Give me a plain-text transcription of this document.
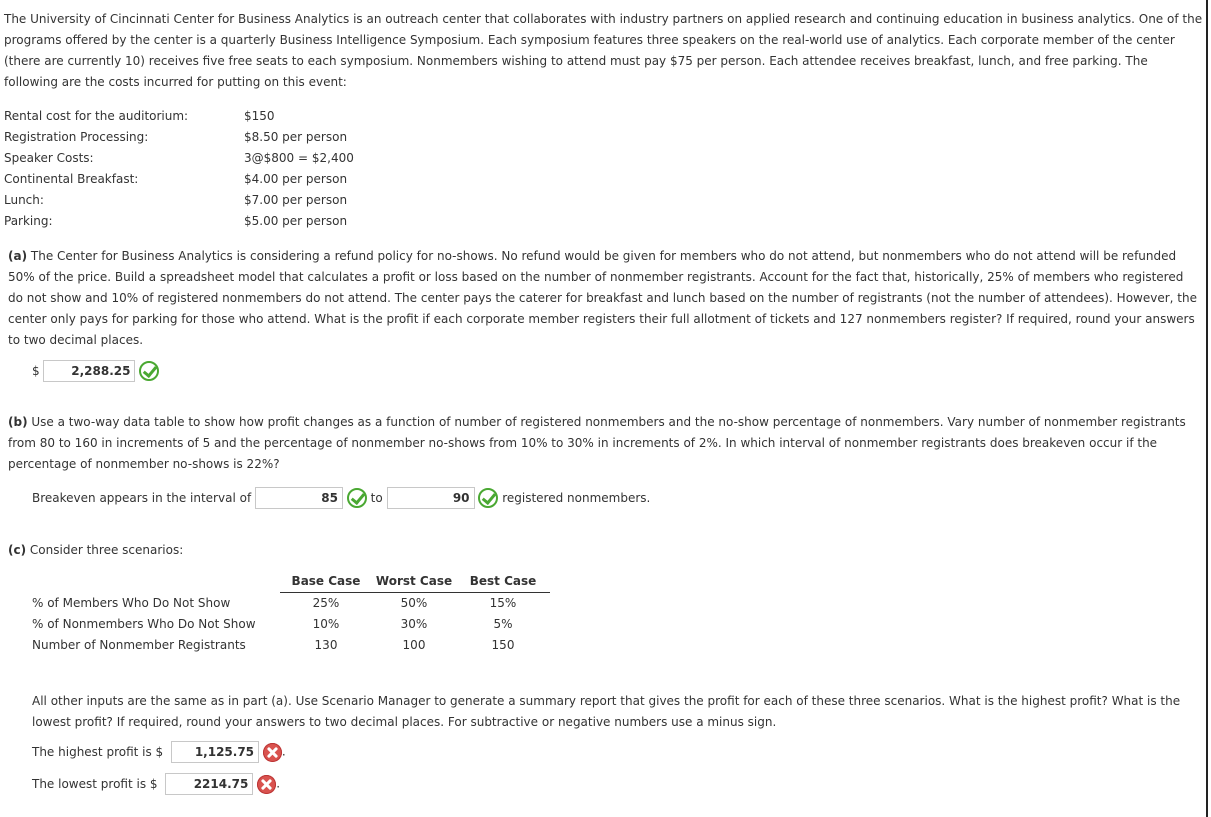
The University of Cincinnati Center for Business Analytics is an outreach center that collaborates with industry partners on applied research and continuing education in business analytics. One of the programs offered by the center is a quarterly Business Intelligence Symposium. Each symposium features three speakers on the real-world use of analytics. Each corporate member of the center (there are currently 10) receives five free seats to each symposium. Nonmembers wishing to attend must pay $75 per person. Each attendee receives breakfast, lunch, and free parking. The following are the costs incurred for putting on this event:

Rental cost for the auditorium:	$150
Registration Processing:	$8.50 per person
Speaker Costs:	3@$800 = $2,400
Continental Breakfast:	$4.00 per person
Lunch:	$7.00 per person
Parking:	$5.00 per person

(a) The Center for Business Analytics is considering a refund policy for no-shows. No refund would be given for members who do not attend, but nonmembers who do not attend will be refunded 50% of the price. Build a spreadsheet model that calculates a profit or loss based on the number of nonmember registrants. Account for the fact that, historically, 25% of members who registered do not show and 10% of registered nonmembers do not attend. The center pays the caterer for breakfast and lunch based on the number of registrants (not the number of attendees). However, the center only pays for parking for those who attend. What is the profit if each corporate member registers their full allotment of tickets and 127 nonmembers register? If required, round your answers to two decimal places.

$	2,288.25

(b) Use a two-way data table to show how profit changes as a function of number of registered nonmembers and the no-show percentage of nonmembers. Vary number of nonmember registrants from 80 to 160 in increments of 5 and the percentage of nonmember no-shows from 10% to 30% in increments of 2%. In which interval of nonmember registrants does breakeven occur if the percentage of nonmember no-shows is 22%?

Breakeven appears in the interval of	85	to	90	registered nonmembers.

(c) Consider three scenarios:

	Base Case	Worst Case	Best Case
% of Members Who Do Not Show	25%	50%	15%
% of Nonmembers Who Do Not Show	10%	30%	5%
Number of Nonmember Registrants	130	100	150

All other inputs are the same as in part (a). Use Scenario Manager to generate a summary report that gives the profit for each of these three scenarios. What is the highest profit? What is the lowest profit? If required, round your answers to two decimal places. For subtractive or negative numbers use a minus sign.

The highest profit is $	1,125.75 .
The lowest profit is $	2214.75 .
